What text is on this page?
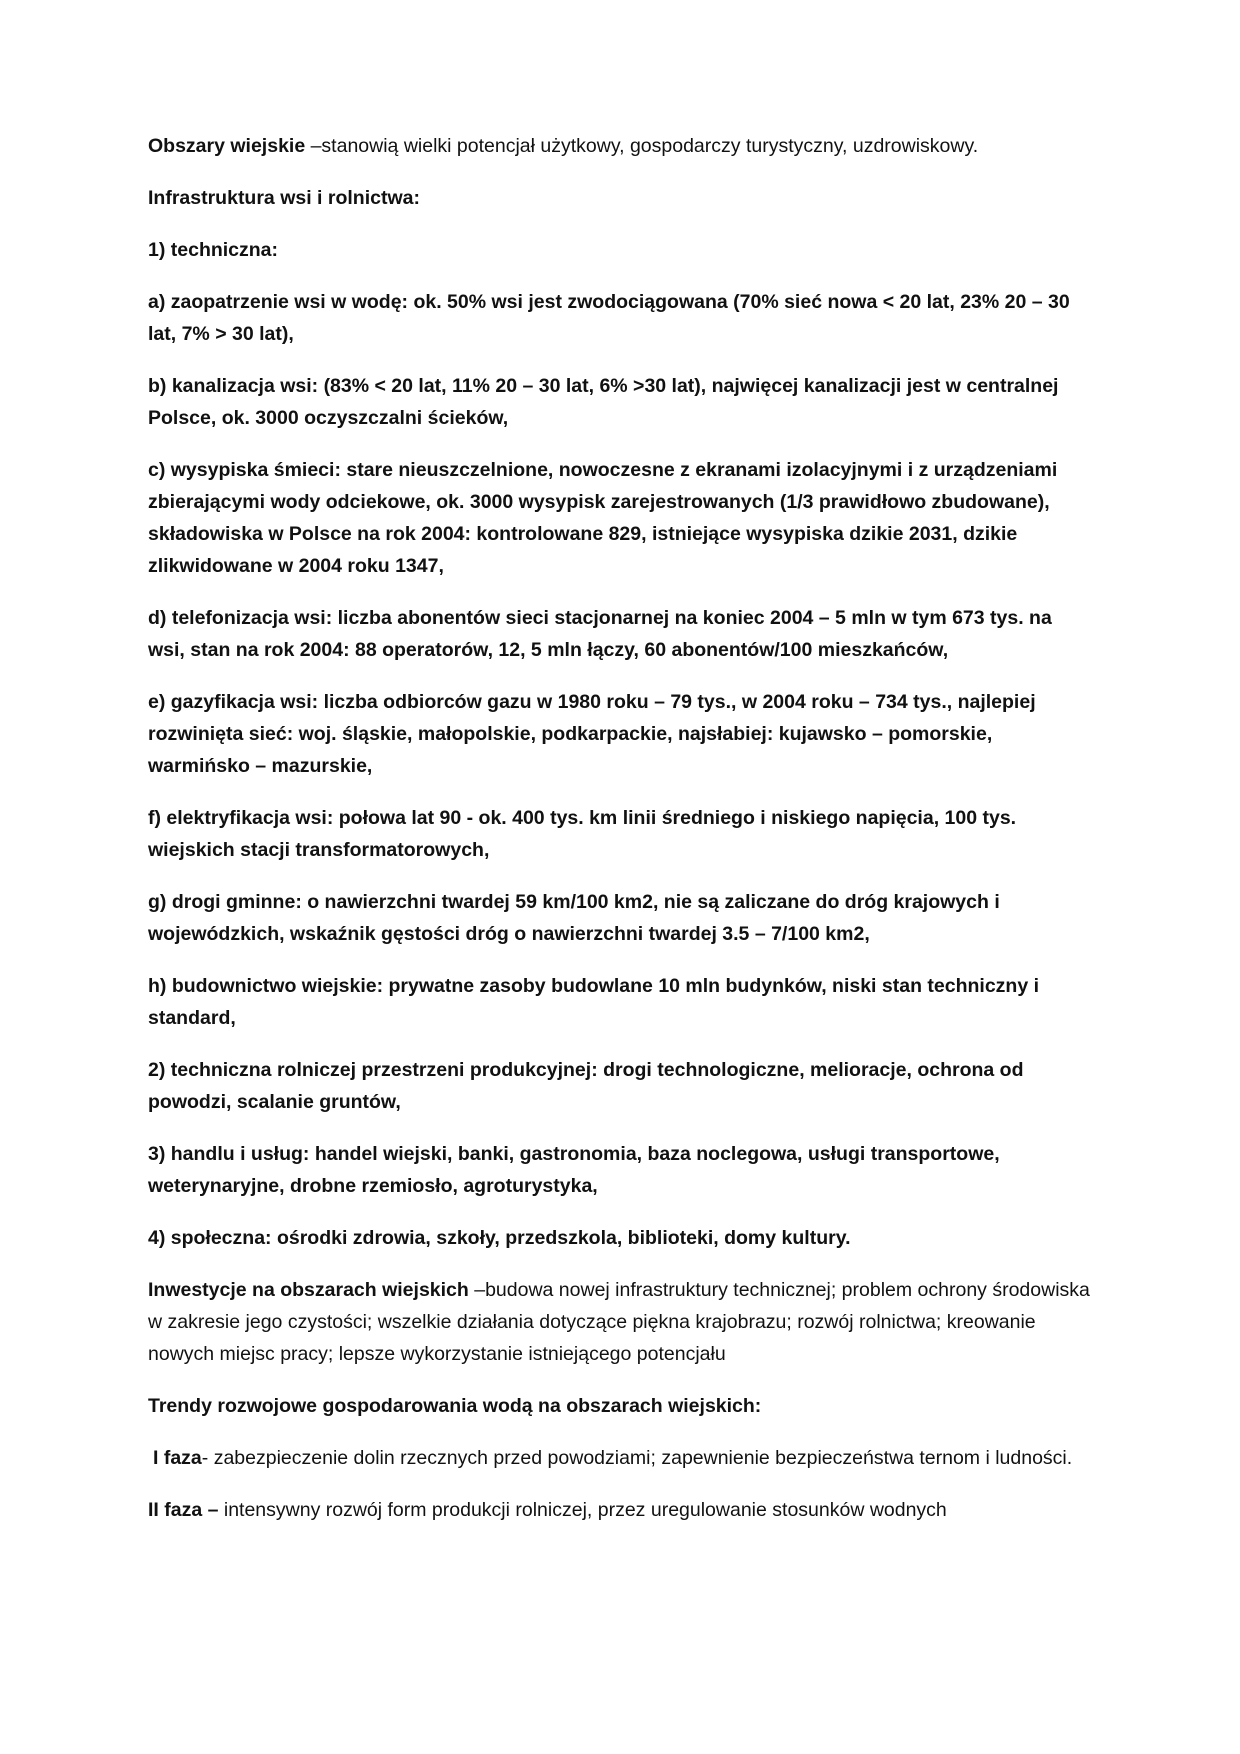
Obszary wiejskie –stanowią wielki potencjał użytkowy, gospodarczy turystyczny, uzdrowiskowy.

Infrastruktura wsi i rolnictwa:

1) techniczna:

a) zaopatrzenie wsi w wodę: ok. 50% wsi jest zwodociągowana (70% sieć nowa < 20 lat, 23% 20 – 30 lat, 7% > 30 lat),

b) kanalizacja wsi: (83% < 20 lat, 11% 20 – 30 lat, 6% >30 lat), najwięcej kanalizacji jest w centralnej Polsce, ok. 3000 oczyszczalni ścieków,

c) wysypiska śmieci: stare nieuszczelnione, nowoczesne z ekranami izolacyjnymi i z urządzeniami zbierającymi wody odciekowe, ok. 3000 wysypisk zarejestrowanych (1/3 prawidłowo zbudowane), składowiska w Polsce na rok 2004: kontrolowane 829, istniejące wysypiska dzikie 2031, dzikie zlikwidowane w 2004 roku 1347,

d) telefonizacja wsi: liczba abonentów sieci stacjonarnej na koniec 2004 – 5 mln w tym 673 tys. na wsi, stan na rok 2004: 88 operatorów, 12, 5 mln łączy, 60 abonentów/100 mieszkańców,

e) gazyfikacja wsi: liczba odbiorców gazu w 1980 roku – 79 tys., w 2004 roku – 734 tys., najlepiej rozwinięta sieć: woj. śląskie, małopolskie, podkarpackie, najsłabiej: kujawsko – pomorskie, warmińsko – mazurskie,

f) elektryfikacja wsi: połowa lat 90 - ok. 400 tys. km linii średniego i niskiego napięcia, 100 tys. wiejskich stacji transformatorowych,

g) drogi gminne: o nawierzchni twardej 59 km/100 km2, nie są zaliczane do dróg krajowych i wojewódzkich, wskaźnik gęstości dróg o nawierzchni twardej 3.5 – 7/100 km2,

h) budownictwo wiejskie: prywatne zasoby budowlane 10 mln budynków, niski stan techniczny i standard,

2) techniczna rolniczej przestrzeni produkcyjnej: drogi technologiczne, melioracje, ochrona od powodzi, scalanie gruntów,

3) handlu i usług: handel wiejski, banki, gastronomia, baza noclegowa, usługi transportowe, weterynaryjne, drobne rzemiosło, agroturystyka,

4) społeczna: ośrodki zdrowia, szkoły, przedszkola, biblioteki, domy kultury.

Inwestycje na obszarach wiejskich –budowa nowej infrastruktury technicznej; problem ochrony środowiska w zakresie jego czystości; wszelkie działania dotyczące piękna krajobrazu; rozwój rolnictwa; kreowanie nowych miejsc pracy; lepsze wykorzystanie istniejącego potencjału

Trendy rozwojowe gospodarowania wodą na obszarach wiejskich:

I faza- zabezpieczenie dolin rzecznych przed powodziami; zapewnienie bezpieczeństwa ternom i ludności.

II faza – intensywny rozwój form produkcji rolniczej, przez uregulowanie stosunków wodnych
